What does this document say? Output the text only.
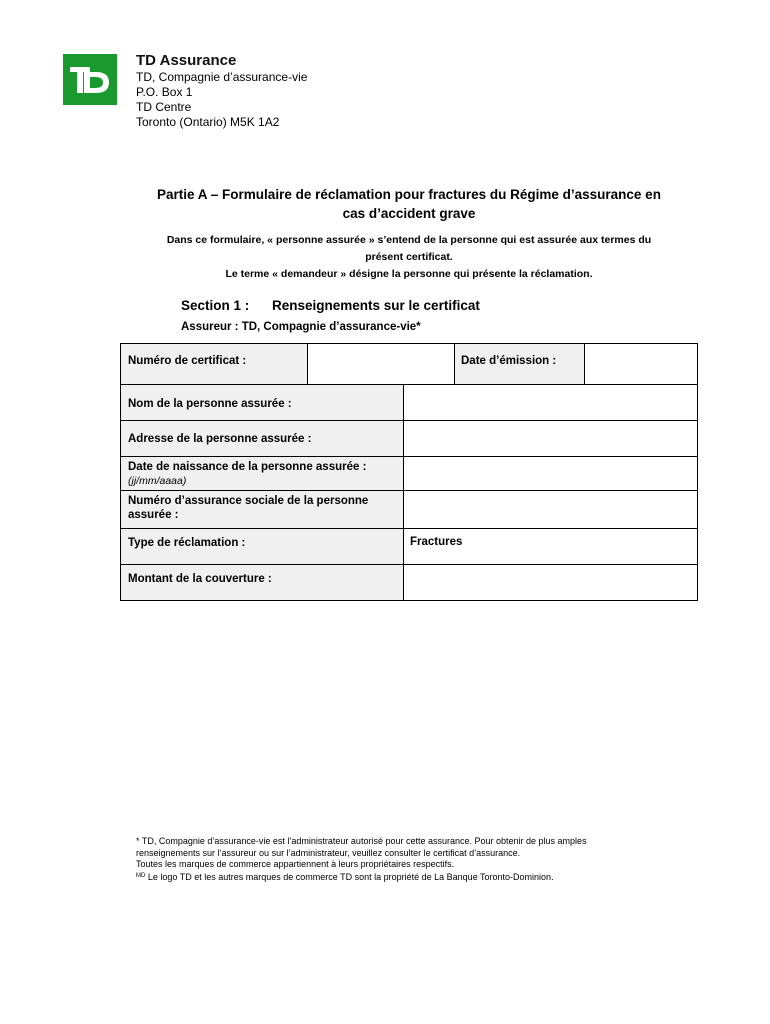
TD Assurance
TD, Compagnie d’assurance-vie
P.O. Box 1
TD Centre
Toronto (Ontario) M5K 1A2
Partie A – Formulaire de réclamation pour fractures du Régime d’assurance en
cas d’accident grave
Dans ce formulaire, « personne assurée » s’entend de la personne qui est assurée aux termes du
présent certificat.
Le terme « demandeur » désigne la personne qui présente la réclamation.
Section 1 : Renseignements sur le certificat
Assureur : TD, Compagnie d’assurance-vie*
Numéro de certificat :	Date d’émission :
Nom de la personne assurée :
Adresse de la personne assurée :
Date de naissance de la personne assurée :
(jj/mm/aaaa)
Numéro d’assurance sociale de la personne
assurée :
Type de réclamation :	Fractures
Montant de la couverture :
* TD, Compagnie d’assurance-vie est l’administrateur autorisé pour cette assurance. Pour obtenir de plus amples
renseignements sur l’assureur ou sur l’administrateur, veuillez consulter le certificat d’assurance.
Toutes les marques de commerce appartiennent à leurs propriétaires respectifs.
$^{MD}$ Le logo TD et les autres marques de commerce TD sont la propriété de La Banque Toronto-Dominion.
